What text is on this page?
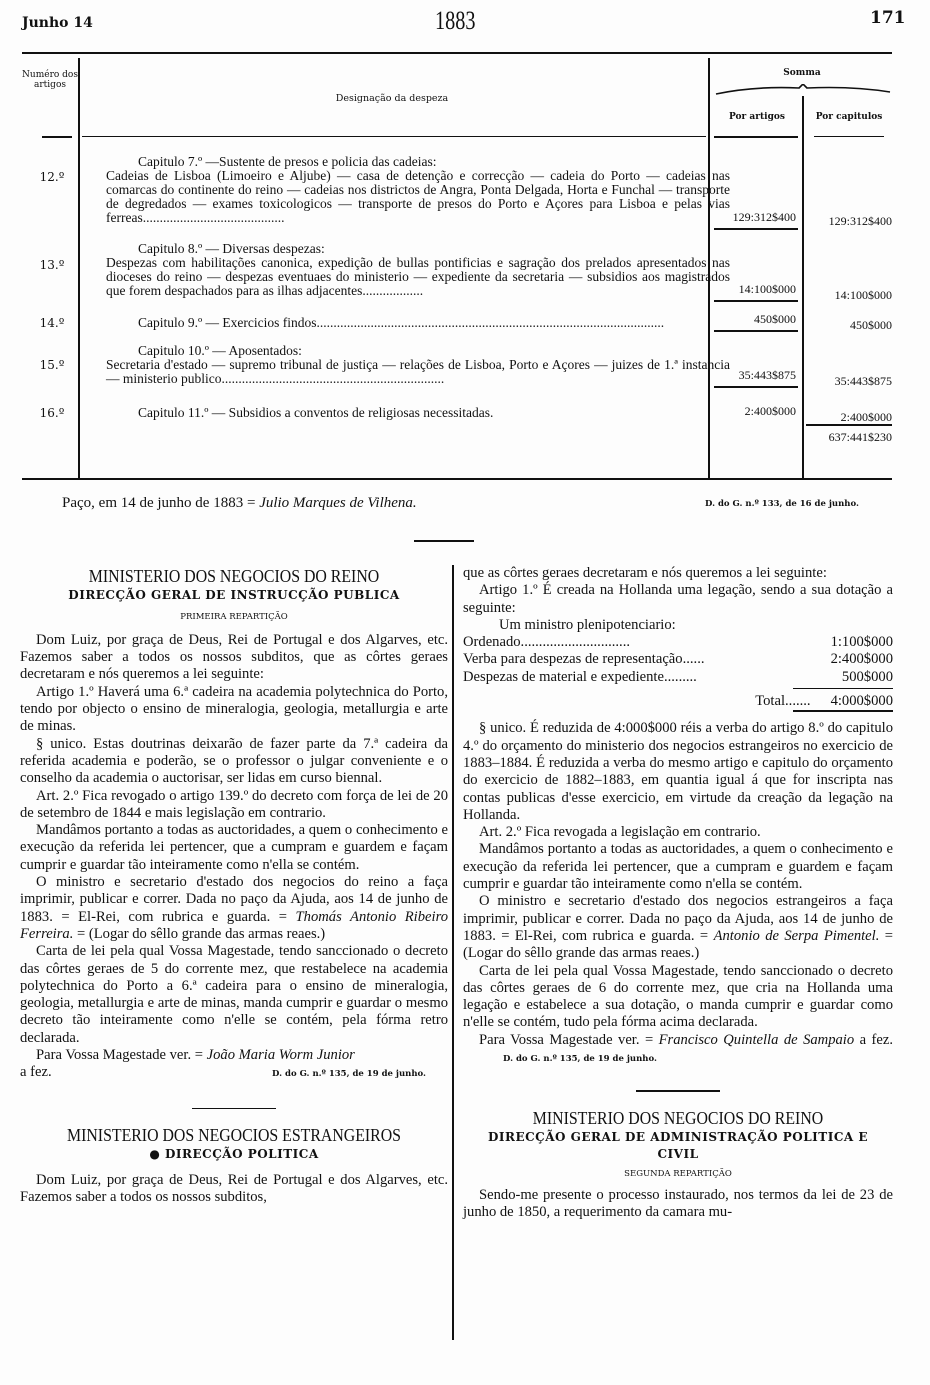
Junho 14	1883	171
Numéro dos artigos
Designação da despeza
Somma
Por artigos	Por capitulos
12.º
Capitulo 7.º —Sustente de presos e policia das cadeias:
Cadeias de Lisboa (Limoeiro e Aljube) — casa de detenção e correcção — cadeia do Porto — cadeias nas comarcas do continente do reino — cadeias nos districtos de Angra, Ponta Delgada, Horta e Funchal — transporte de degredados — exames toxicologicos — transporte de presos do Porto e Açores para Lisboa e pelas vias ferreas..........................................	129:312$400	129:312$400
13.º
Capitulo 8.º — Diversas despezas:
Despezas com habilitações canonica, expedição de bullas pontificias e sagração dos prelados apresentados nas dioceses do reino — despezas eventuaes do ministerio — expediente da secretaria — subsidios aos magistrados que forem despachados para as ilhas adjacentes..................	14:100$000	14:100$000
14.º	Capitulo 9.º — Exercicios findos.......................................................................................................	450$000	450$000
15.º
Capitulo 10.º — Aposentados:
Secretaria d'estado — supremo tribunal de justiça — relações de Lisboa, Porto e Açores — juizes de 1.ª instancia — ministerio publico..................................................................	35:443$875	35:443$875
16.º	Capitulo 11.º — Subsidios a conventos de religiosas necessitadas.	2:400$000	2:400$000
637:441$230
Paço, em 14 de junho de 1883 = Julio Marques de Vilhena.	D. do G. n.º 133, de 16 de junho.
MINISTERIO DOS NEGOCIOS DO REINO
DIRECÇÃO GERAL DE INSTRUCÇÃO PUBLICA
PRIMEIRA REPARTIÇÃO

Dom Luiz, por graça de Deus, Rei de Portugal e dos Algarves, etc. Fazemos saber a todos os nossos subditos, que as côrtes geraes decretaram e nós queremos a lei seguinte:

Artigo 1.º Haverá uma 6.ª cadeira na academia polytechnica do Porto, tendo por objecto o ensino de mineralogia, geologia, metallurgia e arte de minas.

§ unico. Estas doutrinas deixarão de fazer parte da 7.ª cadeira da referida academia e poderão, se o professor o julgar conveniente e o conselho da academia o auctorisar, ser lidas em curso biennal.

Art. 2.º Fica revogado o artigo 139.º do decreto com força de lei de 20 de setembro de 1844 e mais legislação em contrario.

Mandâmos portanto a todas as auctoridades, a quem o conhecimento e execução da referida lei pertencer, que a cumpram e guardem e façam cumprir e guardar tão inteiramente como n'ella se contém.

O ministro e secretario d'estado dos negocios do reino a faça imprimir, publicar e correr. Dada no paço da Ajuda, aos 14 de junho de 1883. = El-Rei, com rubrica e guarda. = Thomás Antonio Ribeiro Ferreira. = (Logar do sêllo grande das armas reaes.)

Carta de lei pela qual Vossa Magestade, tendo sanccionado o decreto das côrtes geraes de 5 do corrente mez, que restabelece na academia polytechnica do Porto a 6.ª cadeira para o ensino de mineralogia, geologia, metallurgia e arte de minas, manda cumprir e guardar o mesmo decreto tão inteiramente como n'elle se contém, pela fórma retro declarada.

Para Vossa Magestade ver. = João Maria Worm Junior

a fez.	D. do G. n.º 135, de 19 de junho.
MINISTERIO DOS NEGOCIOS ESTRANGEIROS
● DIRECÇÃO POLITICA

Dom Luiz, por graça de Deus, Rei de Portugal e dos Algarves, etc. Fazemos saber a todos os nossos subditos,

que as côrtes geraes decretaram e nós queremos a lei seguinte:

Artigo 1.º É creada na Hollanda uma legação, sendo a sua dotação a seguinte:

Um ministro plenipotenciario:

Ordenado..............................	1:100$000
Verba para despezas de representação......	2:400$000
Despezas de material e expediente.........	500$000
Total....... 4:000$000

§ unico. É reduzida de 4:000$000 réis a verba do artigo 8.º do capitulo 4.º do orçamento do ministerio dos negocios estrangeiros no exercicio de 1883–1884. É reduzida a verba do mesmo artigo e capitulo do orçamento do exercicio de 1882–1883, em quantia igual á que for inscripta nas contas publicas d'esse exercicio, em virtude da creação da legação na Hollanda.

Art. 2.º Fica revogada a legislação em contrario.

Mandâmos portanto a todas as auctoridades, a quem o conhecimento e execução da referida lei pertencer, que a cumpram e guardem e façam cumprir e guardar tão inteiramente como n'ella se contém.

O ministro e secretario d'estado dos negocios estrangeiros a faça imprimir, publicar e correr. Dada no paço da Ajuda, aos 14 de junho de 1883. = El-Rei, com rubrica e guarda. = Antonio de Serpa Pimentel. = (Logar do sêllo grande das armas reaes.)

Carta de lei pela qual Vossa Magestade, tendo sanccionado o decreto das côrtes geraes de 6 do corrente mez, que cria na Hollanda uma legação e estabelece a sua dotação, o manda cumprir e guardar como n'elle se contém, tudo pela fórma acima declarada.

Para Vossa Magestade ver. = Francisco Quintella de Sampaio a fez. D. do G. n.º 135, de 19 de junho.

MINISTERIO DOS NEGOCIOS DO REINO
DIRECÇÃO GERAL DE ADMINISTRAÇÃO POLITICA E CIVIL
SEGUNDA REPARTIÇÃO

Sendo-me presente o processo instaurado, nos termos da lei de 23 de junho de 1850, a requerimento da camara mu-
